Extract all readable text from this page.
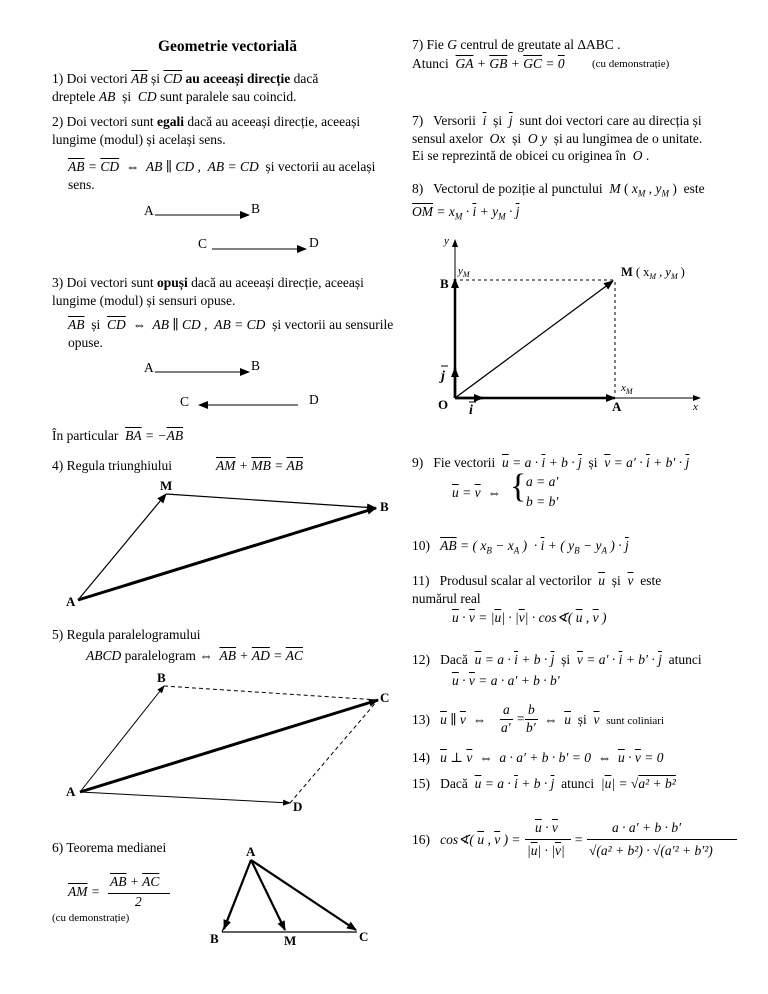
Geometrie vectorială
1) Doi vectori $\overline{AB}$ și $\overline{CD}$ au aceeași direcție dacă
dreptele AB  și  CD sunt paralele sau coincid.
2) Doi vectori sunt egali dacă au aceeași direcție, aceeași
lungime (modul) și același sens.
$\overline{AB} = \overline{CD}$  ⇔  AB ∥ CD ,  AB = CD  și vectorii au același
sens.
3) Doi vectori sunt opuși dacă au aceeași direcție, aceeași
lungime (modul) și sensuri opuse.
$\overline{AB}$  și  $\overline{CD}$  ⇔  AB ∥ CD ,  AB = CD  și vectorii au sensurile
opuse.
În particular  $\overline{BA} = -\overline{AB}$
4) Regula triunghiului	$\overline{AM} + \overline{MB} = \overline{AB}$
5) Regula paralelogramului
ABCD paralelogram ⇔  $\overline{AB} + \overline{AD} = \overline{AC}$
6) Teorema medianei
$\overline{AM}$ =
$\overline{AB} + \overline{AC}$
2
(cu demonstrație)
7) Fie G centrul de greutate al ΔABC .
Atunci  $\overline{GA} + \overline{GB} + \overline{GC} = 0$ (cu demonstrație)
7)   Versorii  $\overline{i}$  și  $\overline{j}$  sunt doi vectori care au direcția și
sensul axelor  Ox  și  O y  și au lungimea de o unitate.
Ei se reprezintă de obicei cu originea în  O .
8)   Vectorul de poziție al punctului  M ( $x_M$ , $y_M$ )  este
$\overline{OM} = x_M \cdot \overline{i} + y_M \cdot \overline{j}$
9)   Fie vectorii  $\overline{u} = a \cdot \overline{i} + b \cdot \overline{j}$  și  $\overline{v} = a' \cdot \overline{i} + b' \cdot \overline{j}$
$\overline{u} = \overline{v}$  ⇔ { a = a′
b = b′
10)   $\overline{AB}$ = ( $x_B - x_A$ )  · $\overline{i}$ + ( $y_B - y_A$ ) · $\overline{j}$
11)   Produsul scalar al vectorilor  $\overline{u}$  și  $\overline{v}$  este
numărul real
$\overline{u} \cdot \overline{v} = |\overline{u}| \cdot |\overline{v}|$ · cos∢( $\overline{u}$ , $\overline{v}$ )
12)   Dacă  $\overline{u} = a \cdot \overline{i} + b \cdot \overline{j}$  și  $\overline{v} = a' \cdot \overline{i} + b' \cdot \overline{j}$  atunci
$\overline{u} \cdot \overline{v} = a \cdot a' + b \cdot b'$
13)   $\overline{u}$ ∥ $\overline{v}$  ⇔
a
a′
=
b
b′
⇔  $\overline{u}$  și  $\overline{v}$ sunt coliniari
14)   $\overline{u}$ ⊥ $\overline{v}$  ⇔  a · a′ + b · b′ = 0  ⇔  $\overline{u} \cdot \overline{v} = 0$
15)   Dacă  $\overline{u} = a \cdot \overline{i} + b \cdot \overline{j}$  atunci  $|\overline{u}| = √a^2 + b^2$
16)   cos∢( $\overline{u}$ , $\overline{v}$ ) =
$\overline{u} \cdot \overline{v}$
$|\overline{u}| \cdot |\overline{v}|$
=
a · a′ + b · b′
√(a² + b²) · √(a′² + b′²)
A	B
C	D
A	B
C	D
A
M
B
A
B
C
D
A
B	M	C
y
x
O
B
A
j
i
$y_M$
$x_M$
M ( $x_M$ , $y_M$ )
